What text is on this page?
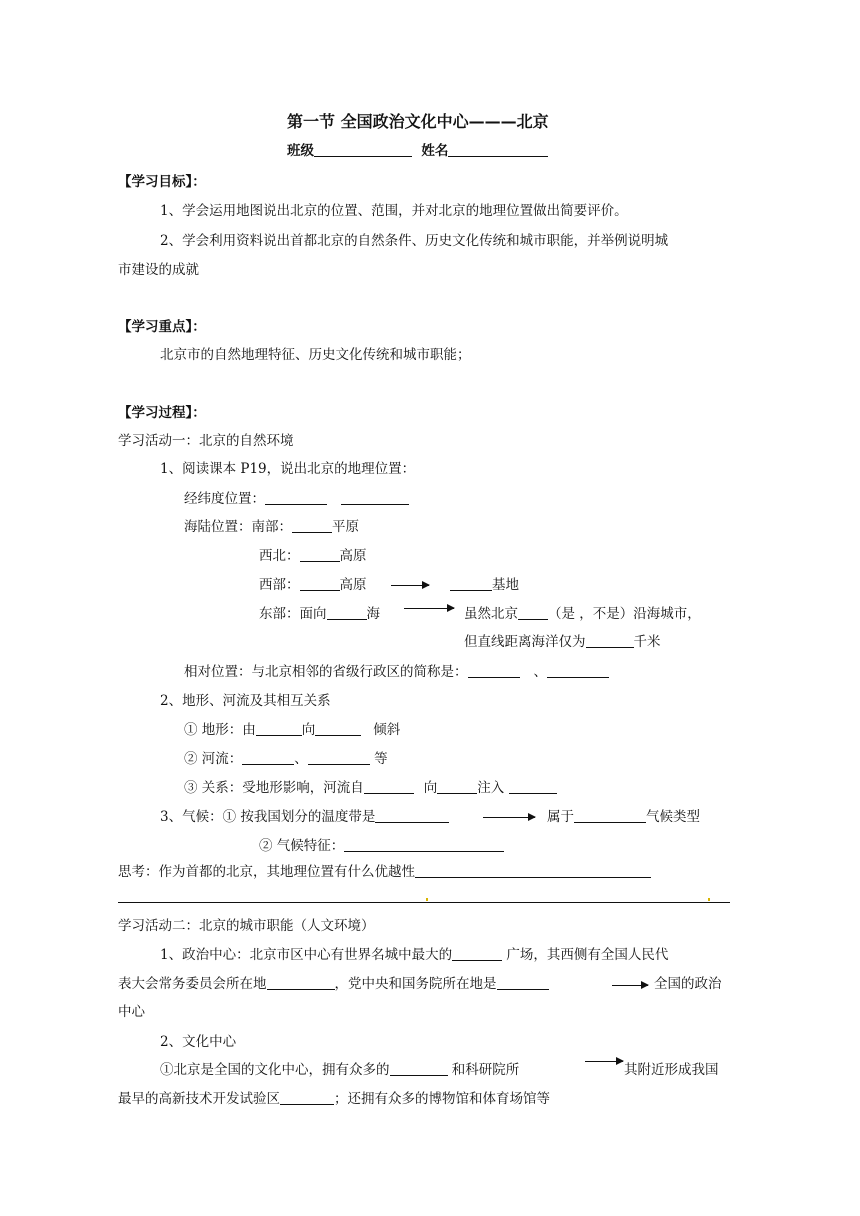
第一节 全国政治文化中心———北京
班级	姓名
【学习目标】：
1、学会运用地图说出北京的位置、范围，并对北京的地理位置做出简要评价。
2、学会利用资料说出首都北京的自然条件、历史文化传统和城市职能，并举例说明城
市建设的成就
【学习重点】：
北京市的自然地理特征、历史文化传统和城市职能；
【学习过程】：
学习活动一：北京的自然环境
1、阅读课本 P19，说出北京的地理位置：
经纬度位置：
海陆位置：南部：	平原
西北：	高原
西部：	高原	基地
东部：面向	海	虽然北京 （是 ，不是）沿海城市，
但直线距离海洋仅为	千米
相对位置：与北京相邻的省级行政区的简称是：	、
2、地形、河流及其相互关系
① 地形：由	向	倾斜
② 河流：	、	等
③ 关系：受地形影响，河流自	向	注入
3、气候：① 按我国划分的温度带是	属于	气候类型
② 气候特征：
思考：作为首都的北京，其地理位置有什么优越性
学习活动二：北京的城市职能（人文环境）
1、政治中心：北京市区中心有世界名城中最大的	广场，其西侧有全国人民代
表大会常务委员会所在地	，党中央和国务院所在地是	全国的政治
中心
2、文化中心
①北京是全国的文化中心，拥有众多的	和科研院所	其附近形成我国
最早的高新技术开发试验区	；还拥有众多的博物馆和体育场馆等
